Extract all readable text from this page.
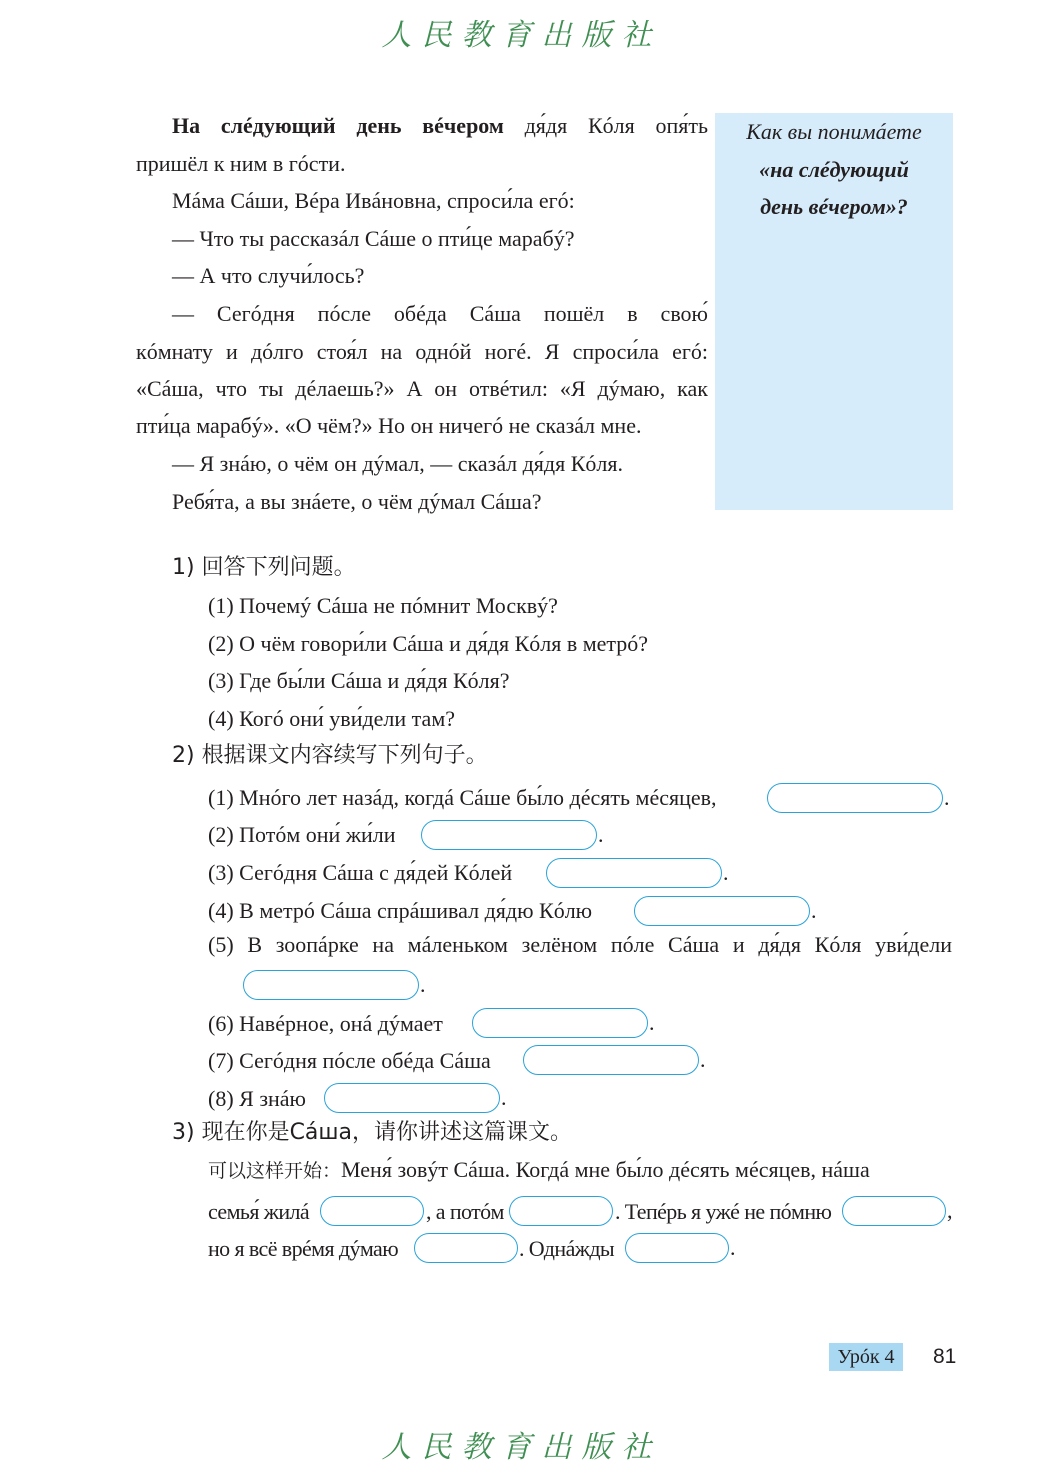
人民教育出版社
На слéдующий день вéчером дя́дя Кóля опя́ть
пришёл к ним в гóсти.
Мáма Сáши, Вéра Ивáновна, спроси́ла егó:
— Что ты рассказáл Сáше о пти́це марабý?
— А что случи́лось?
— Сегóдня пóсле обéда Сáша пошёл в свою́
кóмнату и дóлго стоя́л на однóй ногé. Я спроси́ла егó:
«Сáша, что ты дéлаешь?» А он отвéтил: «Я дýмаю, как
пти́ца марабý». «О чём?» Но он ничегó не сказáл мне.
— Я знáю, о чём он дýмал, — сказáл дя́дя Кóля.
Ребя́та, а вы знáете, о чём дýмал Сáша?
Как вы понимáете
«на слéдующий
день вéчером»?
1) 回答下列问题。
(1) Почемý Сáша не пóмнит Москвý?
(2) О чём говори́ли Сáша и дя́дя Кóля в метрó?
(3) Где бы́ли Сáша и дя́дя Кóля?
(4) Когó они́ уви́дели там?
2) 根据课文内容续写下列句子。
(1) Мнóго лет назáд, когдá Сáше бы́ло дéсять мéсяцев,	.
(2) Потóм они́ жи́ли	.
(3) Сегóдня Сáша с дя́дей Кóлей	.
(4) В метрó Сáша спрáшивал дя́дю Кóлю	.
(5) В зоопáрке на мáленьком зелёном пóле Сáша и дя́дя Кóля уви́дели
.
(6) Навéрное, онá дýмает	.
(7) Сегóдня пóсле обéда Сáша	.
(8) Я знáю	.
3) 现在你是Сáша，请你讲述这篇课文。
可以这样开始：Меня́ зовýт Сáша. Когдá мне бы́ло дéсять мéсяцев, нáша
семья́ жилá	, а потóм	. Тепéрь я ужé не пóмню	,
но я всё врéмя дýмаю	. Однáжды	.
Урóк 4	81
人民教育出版社
